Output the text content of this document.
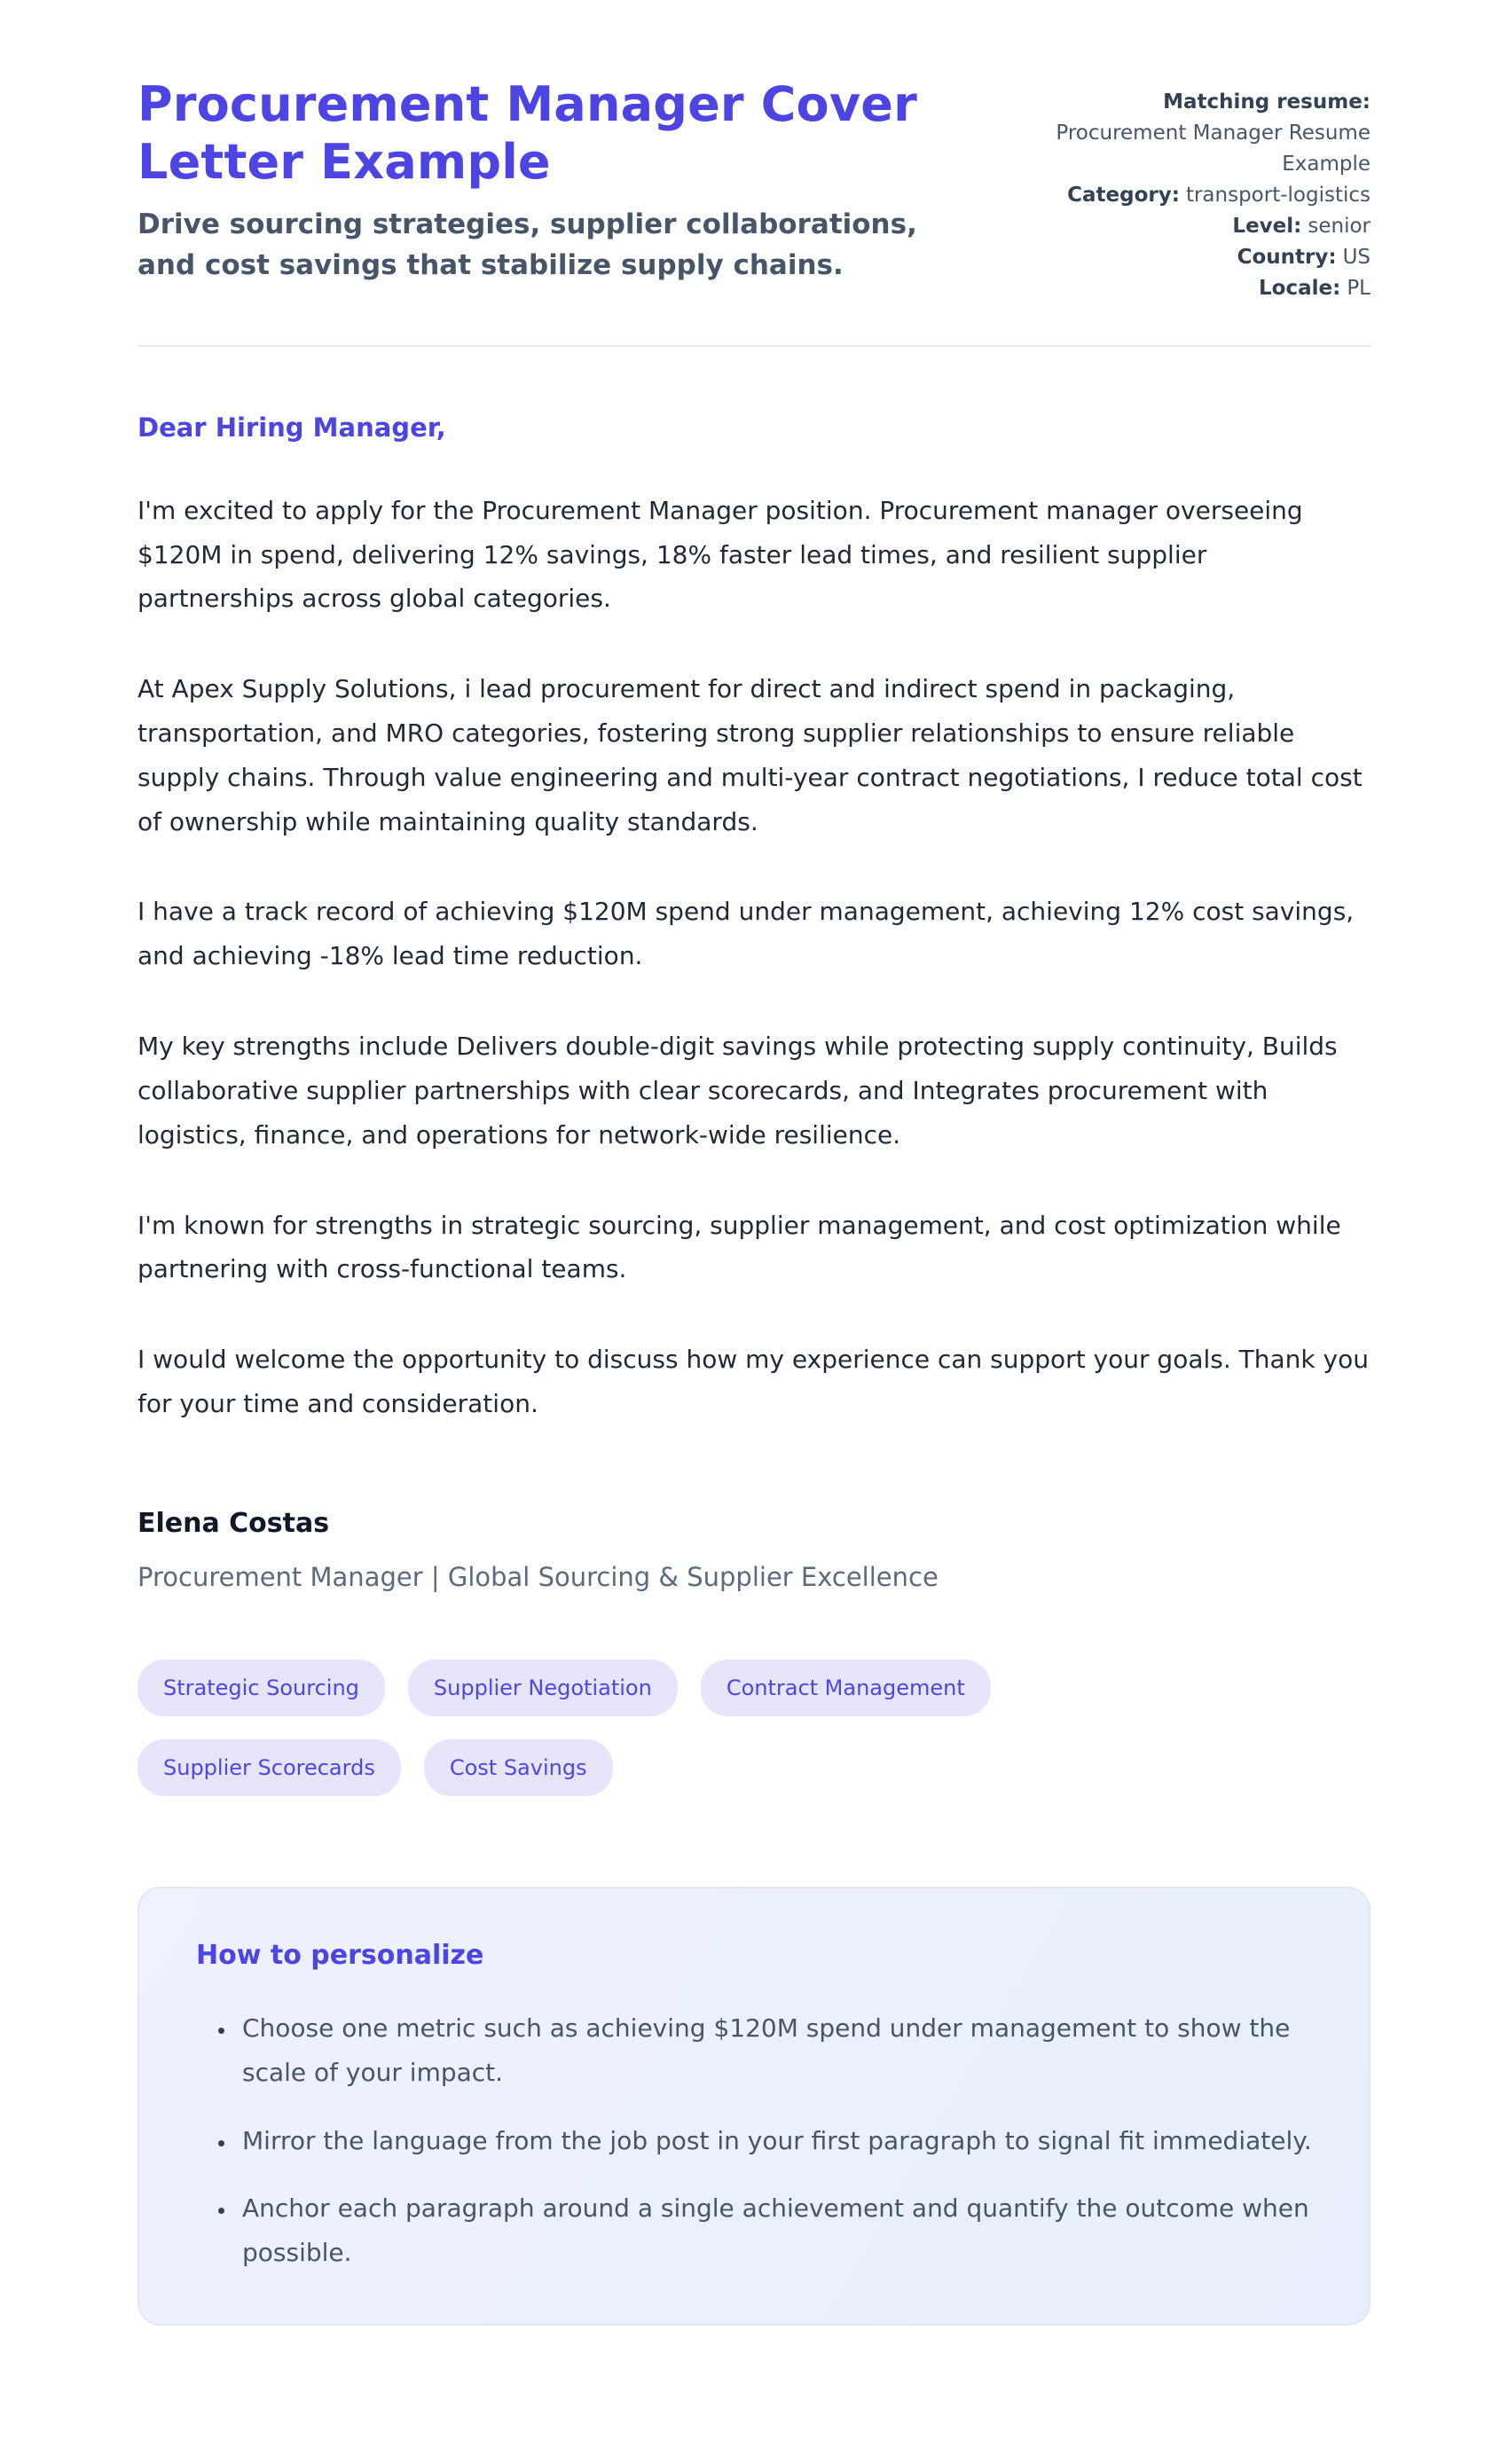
Procurement Manager Cover Letter Example

Drive sourcing strategies, supplier collaborations, and cost savings that stabilize supply chains.

Matching resume:
Procurement Manager Resume Example
Category: transport-logistics
Level: senior
Country: US
Locale: PL

Dear Hiring Manager,

I'm excited to apply for the Procurement Manager position. Procurement manager overseeing $120M in spend, delivering 12% savings, 18% faster lead times, and resilient supplier partnerships across global categories.

At Apex Supply Solutions, i lead procurement for direct and indirect spend in packaging, transportation, and MRO categories, fostering strong supplier relationships to ensure reliable supply chains. Through value engineering and multi-year contract negotiations, I reduce total cost of ownership while maintaining quality standards.

I have a track record of achieving $120M spend under management, achieving 12% cost savings, and achieving -18% lead time reduction.

My key strengths include Delivers double-digit savings while protecting supply continuity, Builds collaborative supplier partnerships with clear scorecards, and Integrates procurement with logistics, finance, and operations for network-wide resilience.

I'm known for strengths in strategic sourcing, supplier management, and cost optimization while partnering with cross-functional teams.

I would welcome the opportunity to discuss how my experience can support your goals. Thank you for your time and consideration.

Elena Costas

Procurement Manager | Global Sourcing & Supplier Excellence

Strategic Sourcing	Supplier Negotiation	Contract Management
Supplier Scorecards	Cost Savings
How to personalize
• Choose one metric such as achieving $120M spend under management to show the scale of your impact.
• Mirror the language from the job post in your first paragraph to signal fit immediately.
• Anchor each paragraph around a single achievement and quantify the outcome when possible.
